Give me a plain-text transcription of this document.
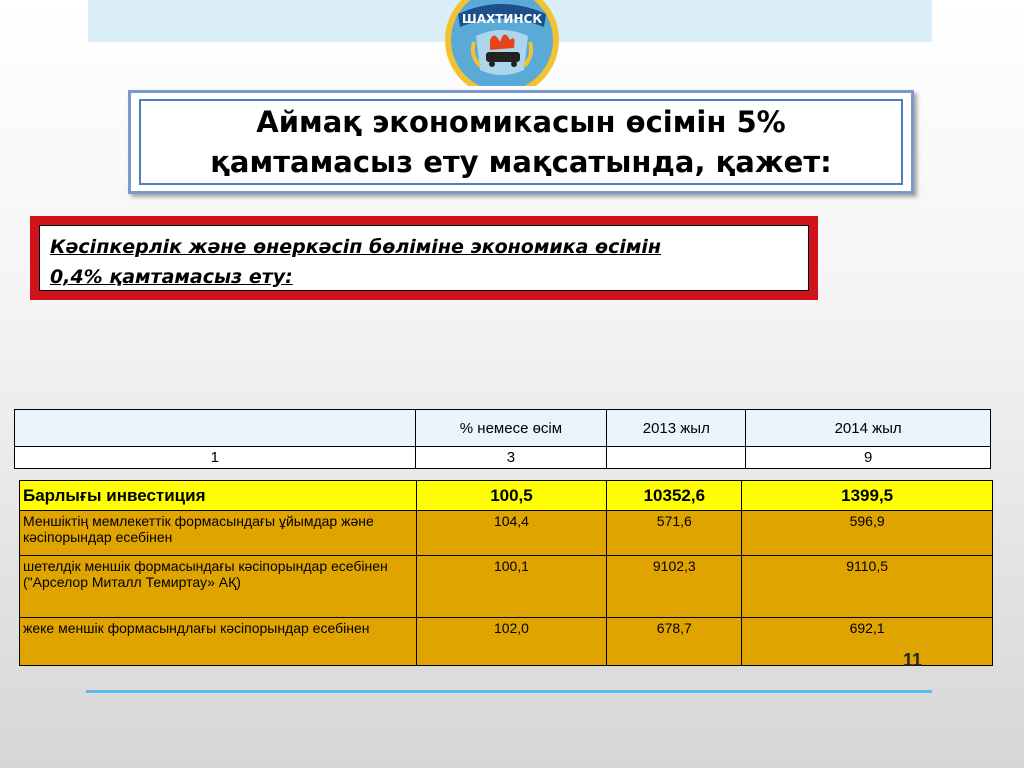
ШАХТИНСК
Аймақ экономикасын өсімін 5%
қамтамасыз ету мақсатында, қажет:
Кәсіпкерлік және өнеркәсіп бөліміне экономика өсімін
0,4% қамтамасыз ету:
	% немесе өсім	2013 жыл	2014 жыл
1	3		9
Барлығы инвестиция	100,5	10352,6	1399,5
Меншіктің мемлекеттік формасындағы ұйымдар және кәсіпорындар есебінен	104,4	571,6	596,9
шетелдік меншік формасындағы кәсіпорындар есебінен ("Арселор Миталл Темиртау» АҚ)	100,1	9102,3	9110,5
жеке меншік формасындлағы кәсіпорындар есебінен	102,0	678,7	692,1
11
